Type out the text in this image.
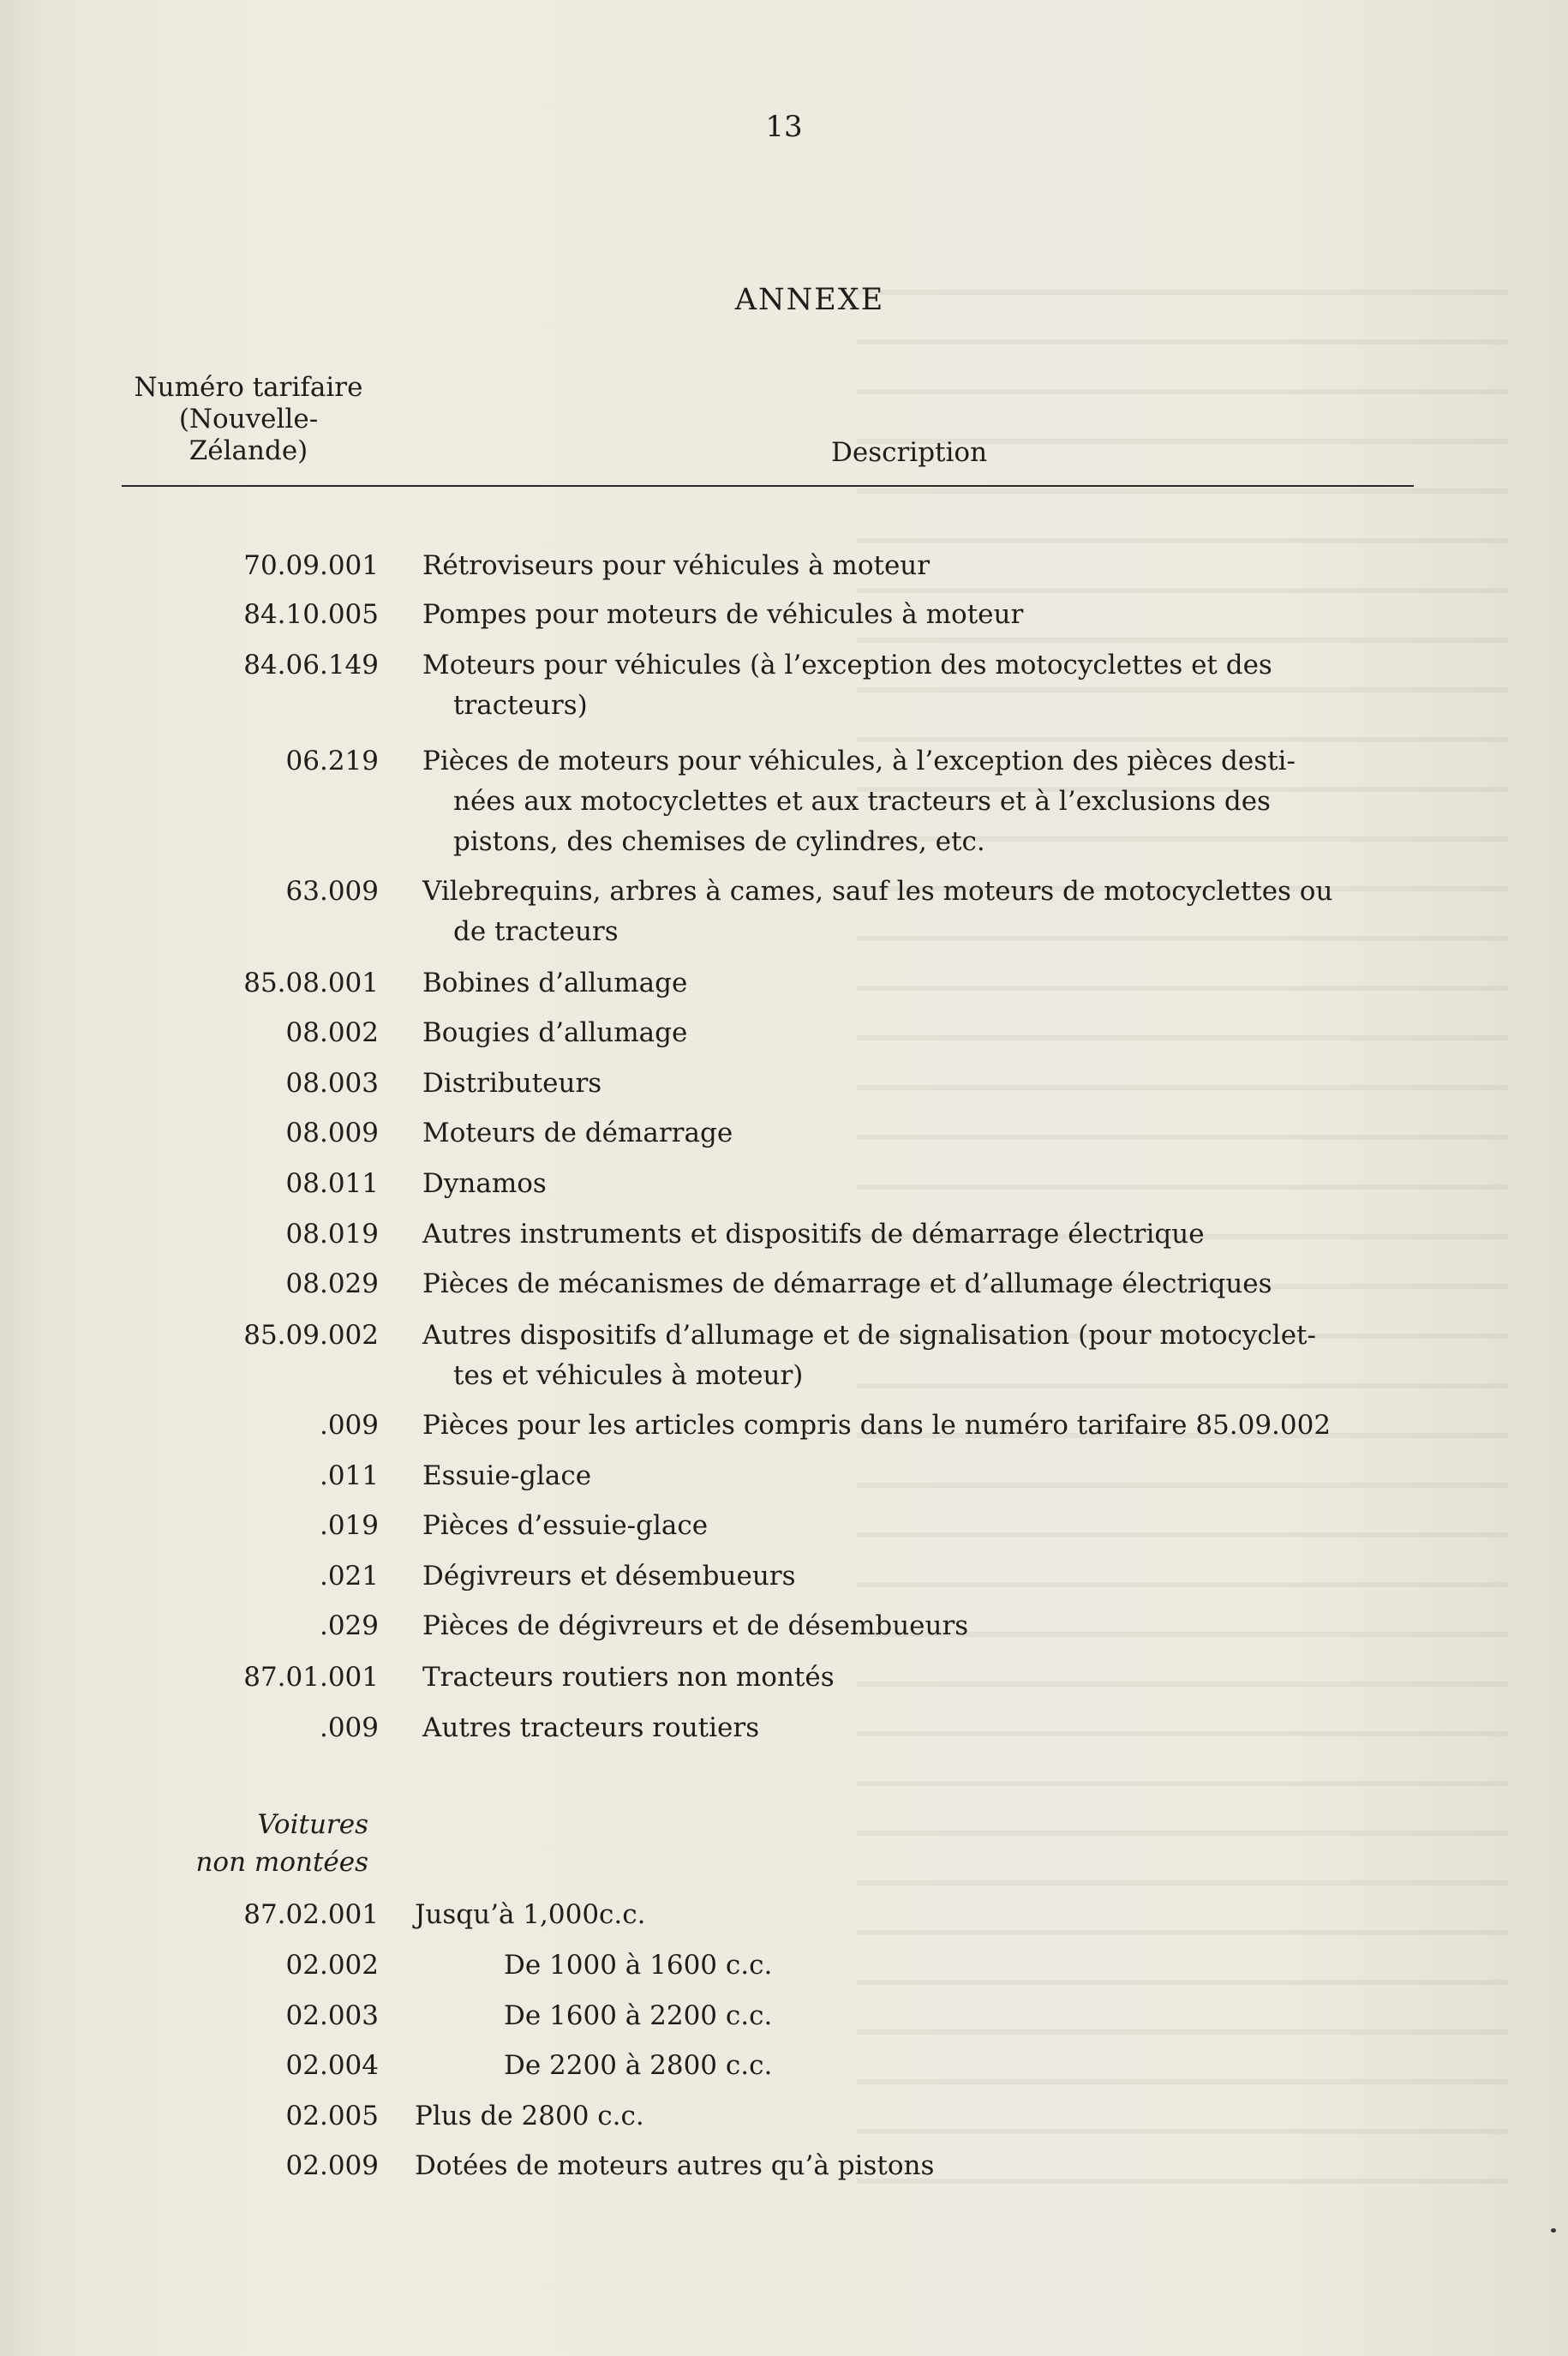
13
ANNEXE
Numéro tarifaire
(Nouvelle-
Zélande)	Description
70.09.001 Rétroviseurs pour véhicules à moteur
84.10.005 Pompes pour moteurs de véhicules à moteur
84.06.149 Moteurs pour véhicules (à l’exception des motocyclettes et des
tracteurs)
06.219 Pièces de moteurs pour véhicules, à l’exception des pièces desti-
nées aux motocyclettes et aux tracteurs et à l’exclusions des
pistons, des chemises de cylindres, etc.
63.009 Vilebrequins, arbres à cames, sauf les moteurs de motocyclettes ou
de tracteurs
85.08.001 Bobines d’allumage
08.002 Bougies d’allumage
08.003 Distributeurs
08.009 Moteurs de démarrage
08.011 Dynamos
08.019 Autres instruments et dispositifs de démarrage électrique
08.029 Pièces de mécanismes de démarrage et d’allumage électriques
85.09.002 Autres dispositifs d’allumage et de signalisation (pour motocyclet-
tes et véhicules à moteur)
.009 Pièces pour les articles compris dans le numéro tarifaire 85.09.002
.011 Essuie-glace
.019 Pièces d’essuie-glace
.021 Dégivreurs et désembueurs
.029 Pièces de dégivreurs et de désembueurs
87.01.001 Tracteurs routiers non montés
.009 Autres tracteurs routiers
Voitures
non montées
87.02.001 Jusqu’à 1,000c.c.
02.002	De 1000 à 1600 c.c.
02.003	De 1600 à 2200 c.c.
02.004	De 2200 à 2800 c.c.
02.005 Plus de 2800 c.c.
02.009 Dotées de moteurs autres qu’à pistons
